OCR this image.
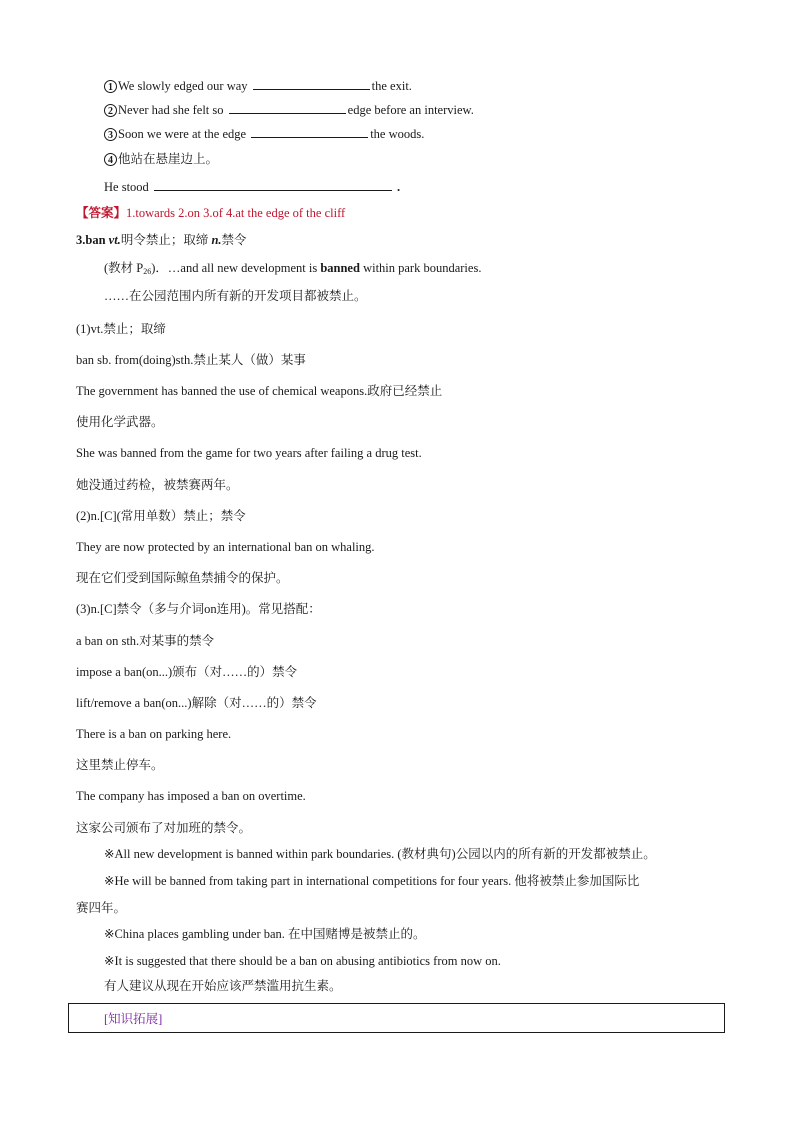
1 We slowly edged our way	the exit.
2 Never had she felt so	edge before an interview.
3 Soon we were at the edge	the woods.
4 他站在悬崖边上。
He stood	.
【答案】1.towards 2.on 3.of 4.at the edge of the cliff
3.ban vt.明令禁止；取缔 n.禁令
(教材 $P_{26}$)．…and all new development is banned within park boundaries.
……在公园范围内所有新的开发项目都被禁止。
(1)vt.禁止；取缔
ban sb. from(doing)sth.禁止某人（做）某事
The government has banned the use of chemical weapons.政府已经禁止
使用化学武器。
She was banned from the game for two years after failing a drug test.
她没通过药检，被禁赛两年。
(2)n.[C](常用单数）禁止；禁令
They are now protected by an international ban on whaling.
现在它们受到国际鲸鱼禁捕令的保护。
(3)n.[C]禁令（多与介词on连用)。常见搭配：
a ban on sth.对某事的禁令
impose a ban(on...)颁布（对……的）禁令
lift/remove a ban(on...)解除（对……的）禁令
There is a ban on parking here.
这里禁止停车。
The company has imposed a ban on overtime.
这家公司颁布了对加班的禁令。
※All new development is banned within park boundaries. (教材典句)公园以内的所有新的开发都被禁止。
※He will be banned from taking part in international competitions for four years. 他将被禁止参加国际比
赛四年。
※China places gambling under ban. 在中国赌博是被禁止的。
※It is suggested that there should be a ban on abusing antibiotics from now on.
有人建议从现在开始应该严禁滥用抗生素。
[知识拓展]
